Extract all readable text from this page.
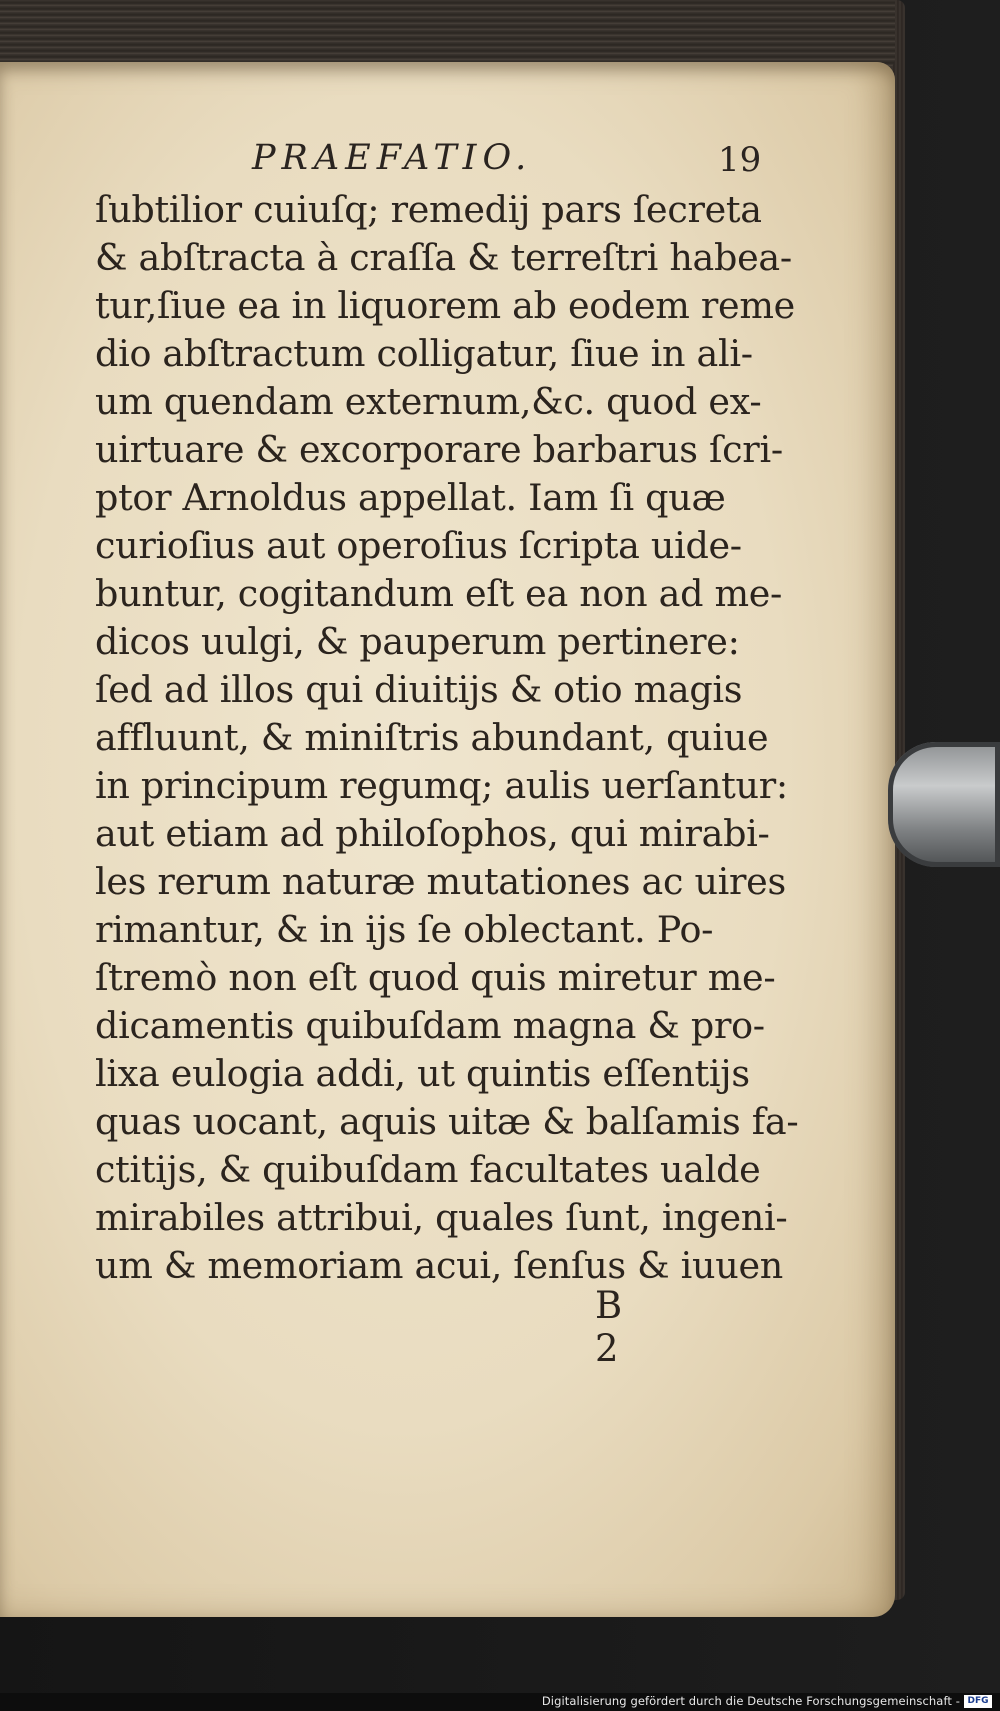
PRAEFATIO.	19
ſubtilior cuiuſq; remedij pars ſecreta
& abſtracta à craſſa & terreſtri habea-
tur,ſiue ea in liquorem ab eodem reme
dio abſtractum colligatur, ſiue in ali-
um quendam externum,&c. quod ex-
uirtuare & excorporare barbarus ſcri-
ptor Arnoldus appellat. Iam ſi quæ
curioſius aut operoſius ſcripta uide-
buntur, cogitandum eſt ea non ad me-
dicos uulgi, & pauperum pertinere:
ſed ad illos qui diuitijs & otio magis
affluunt, & miniſtris abundant, quiue
in principum regumq; aulis uerſantur:
aut etiam ad philoſophos, qui mirabi-
les rerum naturæ mutationes ac uires
rimantur, & in ijs ſe oblectant. Po-
ſtremò non eſt quod quis miretur me-
dicamentis quibuſdam magna & pro-
lixa eulogia addi, ut quintis eſſentijs
quas uocant, aquis uitæ & balſamis fa-
ctitijs, & quibuſdam facultates ualde
mirabiles attribui, quales ſunt, ingeni-
um & memoriam acui, ſenſus & iuuen
B 2
Digitalisierung gefördert durch die Deutsche Forschungsgemeinschaft - DFG
